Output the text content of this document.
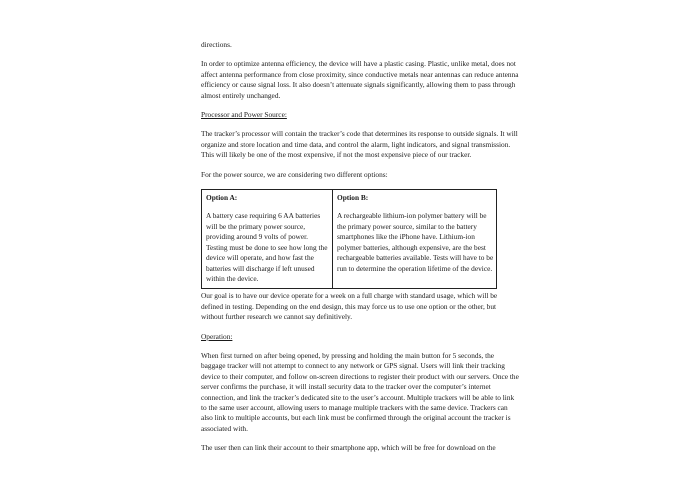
directions.

In order to optimize antenna efficiency, the device will have a plastic casing. Plastic, unlike metal, does not affect antenna performance from close proximity, since conductive metals near antennas can reduce antenna efficiency or cause signal loss. It also doesn’t attenuate signals significantly, allowing them to pass through almost entirely unchanged.

Processor and Power Source:

The tracker’s processor will contain the tracker’s code that determines its response to outside signals. It will organize and store location and time data, and control the alarm, light indicators, and signal transmission. This will likely be one of the most expensive, if not the most expensive piece of our tracker.

For the power source, we are considering two different options:

Option A:
A battery case requiring 6 AA batteries will be the primary power source, providing around 9 volts of power. Testing must be done to see how long the device will operate, and how fast the batteries will discharge if left unused within the device.

Option B:
A rechargeable lithium-ion polymer battery will be the primary power source, similar to the battery smartphones like the iPhone have. Lithium-ion polymer batteries, although expensive, are the best rechargeable batteries available. Tests will have to be run to determine the operation lifetime of the device.

Our goal is to have our device operate for a week on a full charge with standard usage, which will be defined in testing. Depending on the end design, this may force us to use one option or the other, but without further research we cannot say definitively.

Operation:

When first turned on after being opened, by pressing and holding the main button for 5 seconds, the baggage tracker will not attempt to connect to any network or GPS signal. Users will link their tracking device to their computer, and follow on-screen directions to register their product with our servers. Once the server confirms the purchase, it will install security data to the tracker over the computer’s internet connection, and link the tracker’s dedicated site to the user’s account. Multiple trackers will be able to link to the same user account, allowing users to manage multiple trackers with the same device. Trackers can also link to multiple accounts, but each link must be confirmed through the original account the tracker is associated with.

The user then can link their account to their smartphone app, which will be free for download on the
